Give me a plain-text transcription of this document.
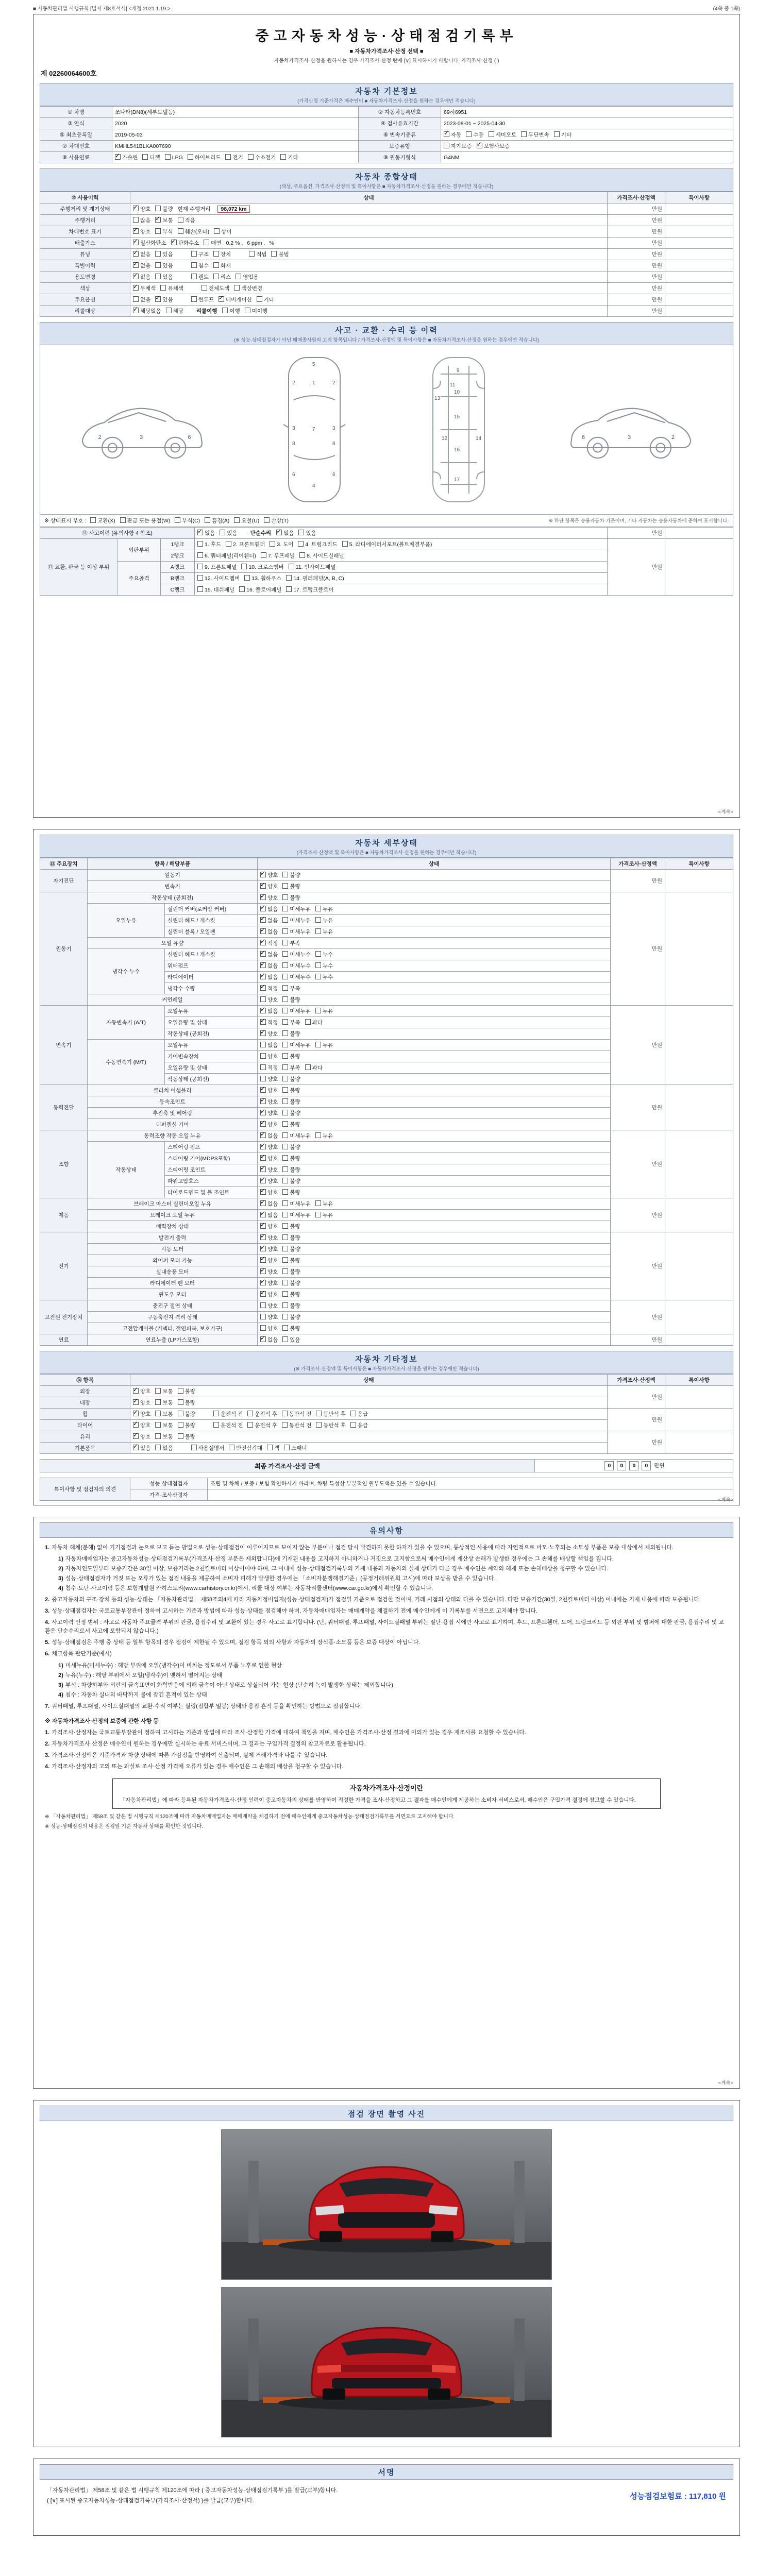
■ 자동차관리법 시행규칙 [별지 제8호서식] <개정 2021.1.19.>	(4쪽 중 1쪽)
중고자동차성능·상태점검기록부
■ 자동차가격조사·산정 선택 ■
자동차가격조사·산정을 원하시는 경우 가격조사·산정 란에 [∨] 표시하시기 바랍니다. 가격조사·산정 ( )
제 02260064600호
자동차 기본정보
(가격산정 기준가격은 매수인이 ■ 자동차가격조사·산정을 원하는 경우에만 적습니다)
① 차명	쏘나타(DN8)(세부모델등)	② 자동차등록번호	69허6951
③ 연식	2020	④ 검사유효기간	2023-08-01 ~ 2025-04-30
⑤ 최초등록일	2019-05-03	⑥ 변속기종류	✓자동 수동 세미오토 무단변속 기타
⑦ 차대번호	KMHL541BLKA007690	보증유형	자가보증 ✓ 보험사보증
⑧ 사용연료	✓가솔린 디젤 LPG 하이브리드 전기 수소전기 기타	⑨ 원동기형식	G4NM
자동차 종합상태
(색상, 주요옵션, 가격조사·산정액 및 특이사항은 ■ 자동차가격조사·산정을 원하는 경우에만 적습니다)
⑩ 사용이력	상태	가격조사·산정액	특이사항
주행거리 및 계기상태	✓양호 불량 현재 주행거리 98,072 km	만원	
주행거리	많음 ✓ 보통 적음	만원	
차대번호 표기	✓양호 부식 훼손(오타) 상이	만원	
배출가스	✓일산화탄소 ✓ 탄화수소 매연 0.2 % , 6 ppm , %	만원	
튜닝	✓없음 있음 구조 장치 적법 불법	만원	
특별이력	✓없음 있음 침수 화재	만원	
용도변경	✓없음 있음 렌트 리스 영업용	만원	
색상	✓무채색 유채색 전체도색 색상변경	만원	
주요옵션	없음 ✓ 있음 썬루프 ✓ 네비게이션 기타	만원	
리콜대상	✓해당없음 해당 리콜이행 이행 미이행	만원	
사고 · 교환 · 수리 등 이력
(※ 성능·상태점검자가 아닌 매매종사원의 고지 항목입니다 / 가격조사·산정액 및 특이사항은 ■ 자동차가격조사·산정을 원하는 경우에만 적습니다)
2	3	6
5
1
2	2
3	3
7
8	8
6	6
4
9
10
11
12
13
14
15
16
17
6	3	2
※ 상태표시 부호 : 교환(X) 판금 또는 용접(W) 부식(C) 흠집(A) 요철(U) 손상(T)	※ 하단 항목은 승용자동차 기준이며, 기타 자동차는 승용자동차에 준하여 표시합니다.
⑪ 사고이력 (유의사항 4 참조)	✓없음 있음 단순수리 ✓ 없음 있음	만원	
⑫ 교환, 판금 등 이상 부위	외판부위	1랭크	1. 후드 2. 프론트휀더 3. 도어 4. 트렁크리드 5. 라디에이터서포트(볼트체결부품)	만원	
		2랭크	6. 쿼터패널(리어휀더) 7. 루프패널 8. 사이드실패널		
	주요골격	A랭크	9. 프론트패널 10. 크로스멤버 11. 인사이드패널		
		B랭크	12. 사이드멤버 13. 휠하우스 14. 필러패널(A, B, C)		
		C랭크	15. 대쉬패널 16. 플로어패널 17. 트렁크플로어		
<계속>
자동차 세부상태
(가격조사·산정액 및 특이사항은 ■ 자동차가격조사·산정을 원하는 경우에만 적습니다)
⑬ 주요장치	항목 / 해당부품		상태	가격조사·산정액	특이사항
자기진단	원동기	✓양호 불량	만원	
	변속기	✓양호 불량
원동기	작동상태 (공회전)	✓양호 불량	만원	
	오일누유	실린더 커버(로커암 커버)	✓없음 미세누유 누유
		실린더 헤드 / 개스킷	✓없음 미세누유 누유
		실린더 블록 / 오일팬	✓없음 미세누유 누유
	오일 유량	✓적정 부족
	냉각수 누수	실린더 헤드 / 개스킷	✓없음 미세누수 누수
		워터펌프	✓없음 미세누수 누수
		라디에이터	✓없음 미세누수 누수
		냉각수 수량	✓적정 부족
	커먼레일		양호 불량		
변속기	자동변속기 (A/T)	오일누유	✓없음 미세누유 누유	만원	
		오일유량 및 상태	✓적정 부족 과다
		작동상태 (공회전)	✓양호 불량
	수동변속기 (M/T)	오일누유	없음 미세누유 누유		
		기어변속장치	양호 불량		
		오일유량 및 상태	적정 부족 과다		
		작동상태 (공회전)	양호 불량		
동력전달	클러치 어셈블리	✓양호 불량	만원	
	등속조인트	✓양호 불량
	추진축 및 베어링	✓양호 불량
	디퍼렌셜 기어	✓양호 불량
조향	동력조향 작동 오일 누유	✓없음 미세누유 누유	만원	
	작동상태	스티어링 펌프	✓양호 불량
		스티어링 기어(MDPS포함)	✓양호 불량
		스티어링 조인트	✓양호 불량
		파워고압호스	✓양호 불량
		타이로드엔드 및 볼 조인트	✓양호 불량
제동	브레이크 마스터 실린더오일 누유	✓없음 미세누유 누유	만원	
	브레이크 오일 누유	✓없음 미세누유 누유
	배력장치 상태	✓양호 불량
전기	발전기 출력	✓양호 불량	만원	
	시동 모터	✓양호 불량
	와이퍼 모터 기능	✓양호 불량
	실내송풍 모터	✓양호 불량
	라디에이터 팬 모터	✓양호 불량
	윈도우 모터	✓양호 불량
고전원 전기장치	충전구 절연 상태		양호 불량	만원	
	구동축전지 격리 상태		양호 불량		
	고전압케이블 (커넥터, 절연피복, 보호기구)		양호 불량		
연료	연료누출 (LP가스포함)	✓없음 있음	만원	
자동차 기타정보
(※ 가격조사·산정액 및 특이사항은 ■ 자동차가격조사·산정을 원하는 경우에만 적습니다)
⑭ 항목	상태	가격조사·산정액	특이사항
외장	✓양호 보통 불량	만원	
내장	✓양호 보통 불량
휠	✓양호 보통 불량 운전석 전 운전석 후 동반석 전 동반석 후 응급	만원	
타이어	✓양호 보통 불량 운전석 전 운전석 후 동반석 전 동반석 후 응급
유리	✓양호 보통 불량	만원	
기본품목	✓있음 없음 사용설명서 안전삼각대 잭 스패너
최종 가격조사·산정 금액	0 0 0 0 만원
특이사항 및 점검자의 의견	성능·상태점검자	조립 및 차체 / 보증 / 보험 확인하시기 바라며, 차량 특성상 부분적인 원부도색은 있을 수 있습니다.
	가격·조사산정자	
<계속>
유의사항
1. 자동차 해체(분해) 없이 기기점검과 눈으로 보고 듣는 방법으로 성능·상태점검이 이루어지므로 보이지 않는 부분이나 점검 당시 발견하지 못한 하자가 있을 수 있으며, 통상적인 사용에 따라 자연적으로 마모·노후되는 소모성 부품은 보증 대상에서 제외됩니다.
1) 자동차매매업자는 중고자동차성능·상태점검기록부(가격조사·산정 부분은 제외합니다)에 기재된 내용을 고지하지 아니하거나 거짓으로 고지함으로써 매수인에게 재산상 손해가 발생한 경우에는 그 손해를 배상할 책임을 집니다.
2) 자동차인도일부터 보증기간은 30일 이상, 보증거리는 2천킬로미터 이상이어야 하며, 그 이내에 성능·상태점검기록부의 기재 내용과 자동차의 실제 상태가 다른 경우 매수인은 계약의 해제 또는 손해배상을 청구할 수 있습니다.
3) 성능·상태점검자가 거짓 또는 오류가 있는 점검 내용을 제공하여 소비자 피해가 발생한 경우에는 「소비자분쟁해결기준」(공정거래위원회 고시)에 따라 보상을 받을 수 있습니다.
4) 침수·도난·사고이력 등은 보험개발원 카히스토리(www.carhistory.or.kr)에서, 리콜 대상 여부는 자동차리콜센터(www.car.go.kr)에서 확인할 수 있습니다.
2. 중고자동차의 구조·장치 등의 성능·상태는 「자동차관리법」 제58조의4에 따라 자동차정비업자(성능·상태점검자)가 점검일 기준으로 점검한 것이며, 거래 시점의 상태와 다를 수 있습니다. 다만 보증기간(30일, 2천킬로미터 이상) 이내에는 기재 내용에 따라 보증됩니다.
3. 성능·상태점검자는 국토교통부장관이 정하여 고시하는 기준과 방법에 따라 성능·상태를 점검해야 하며, 자동차매매업자는 매매계약을 체결하기 전에 매수인에게 이 기록부를 서면으로 고지해야 합니다.
4. 사고이력 인정 범위 : 사고로 자동차 주요골격 부위의 판금, 용접수리 및 교환이 있는 경우 사고로 표기합니다. (단, 쿼터패널, 루프패널, 사이드실패널 부위는 절단·용접 시에만 사고로 표기하며, 후드, 프론트휀더, 도어, 트렁크리드 등 외판 부위 및 범퍼에 대한 판금, 용접수리 및 교환은 단순수리로서 사고에 포함되지 않습니다.)
5. 성능·상태점검은 주행 중 상태 등 일부 항목의 경우 점검이 제한될 수 있으며, 점검 항목 외의 사항과 자동차의 장식품·소모품 등은 보증 대상이 아닙니다.
6. 체크항목 판단기준(예시)
1) 미세누유(미세누수) : 해당 부위에 오일(냉각수)이 비치는 정도로서 부품 노후로 인한 현상
2) 누유(누수) : 해당 부위에서 오일(냉각수)이 맺혀서 떨어지는 상태
3) 부식 : 차량하부와 외판의 금속표면이 화학반응에 의해 금속이 아닌 상태로 상실되어 가는 현상 (단순히 녹이 발생한 상태는 제외합니다)
4) 침수 : 자동차 실내의 바닥까지 물에 잠긴 흔적이 있는 상태
7. 쿼터패널, 루프패널, 사이드실패널의 교환·수리 여부는 실링(접합부 밀봉) 상태와 용접 흔적 등을 확인하는 방법으로 점검합니다.
※ 자동차가격조사·산정의 보증에 관한 사항 등
1. 가격조사·산정자는 국토교통부장관이 정하여 고시하는 기준과 방법에 따라 조사·산정한 가격에 대하여 책임을 지며, 매수인은 가격조사·산정 결과에 이의가 있는 경우 재조사를 요청할 수 있습니다.
2. 자동차가격조사·산정은 매수인이 원하는 경우에만 실시하는 유료 서비스이며, 그 결과는 구입가격 결정의 참고자료로 활용됩니다.
3. 가격조사·산정액은 기준가격과 차량 상태에 따른 가감점을 반영하여 산출되며, 실제 거래가격과 다를 수 있습니다.
4. 가격조사·산정자의 고의 또는 과실로 조사·산정 가격에 오류가 있는 경우 매수인은 그 손해의 배상을 청구할 수 있습니다.
자동차가격조사·산정이란
「자동차관리법」에 따라 등록된 자동차가격조사·산정 인력이 중고자동차의 상태를 반영하여 적정한 가격을 조사·산정하고 그 결과를 매수인에게 제공하는 소비자 서비스로서, 매수인은 구입가격 결정에 참고할 수 있습니다.
※ 「자동차관리법」 제58조 및 같은 법 시행규칙 제120조에 따라 자동차매매업자는 매매계약을 체결하기 전에 매수인에게 중고자동차성능·상태점검기록부를 서면으로 고지해야 합니다.
※ 성능·상태점검의 내용은 점검일 기준 자동차 상태를 확인한 것입니다.
<계속>
점검 장면 촬영 사진
서명
「자동차관리법」 제58조 및 같은 법 시행규칙 제120조에 따라 ( 중고자동차성능·상태점검기록부 )를 발급(교부)합니다.
( [∨] 표시된 중고자동차성능·상태점검기록부(가격조사·산정서) )를 발급(교부)합니다.	성능점검보험료 : 117,810 원
